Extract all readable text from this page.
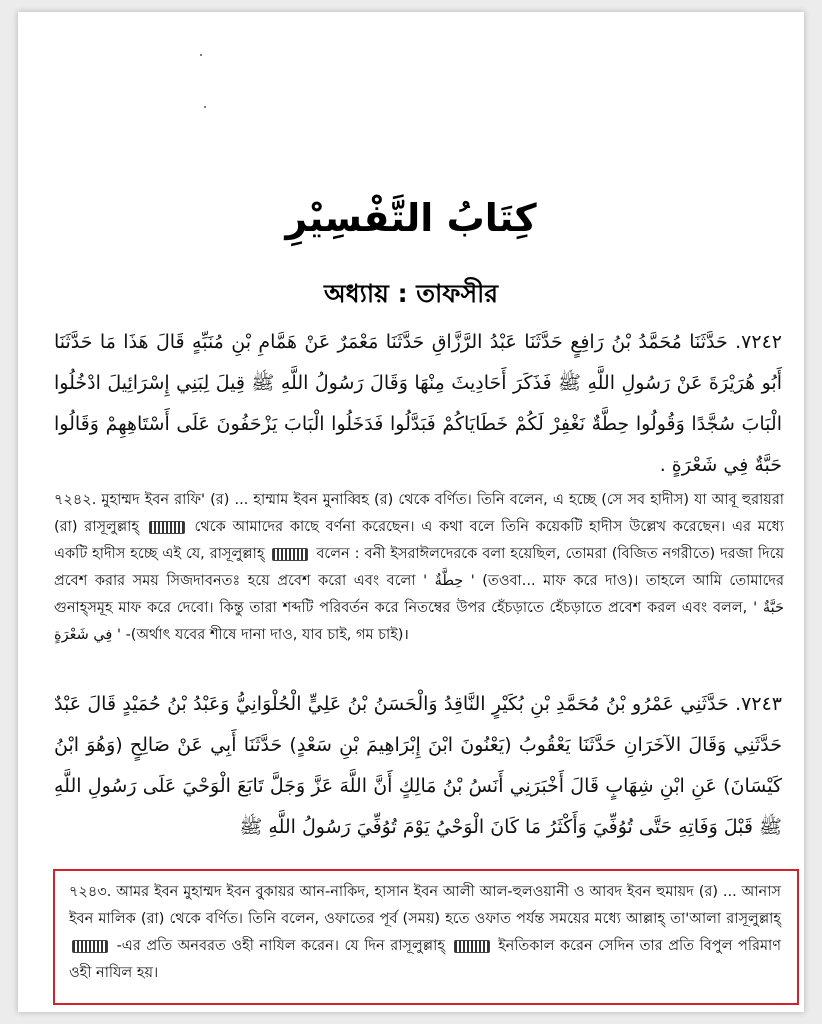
كِتَابُ التَّفْسِيْرِ
অধ্যায় : তাফসীর
٧٢٤٢. حَدَّثَنَا مُحَمَّدُ بْنُ رَافِعٍ حَدَّثَنَا عَبْدُ الرَّزَّاقِ حَدَّثَنَا مَعْمَرٌ عَنْ هَمَّامِ بْنِ مُنَبِّهٍ قَالَ هَذَا مَا حَدَّثَنَا أَبُو هُرَيْرَةَ عَنْ رَسُولِ اللَّهِ ﷺ فَذَكَرَ أَحَادِيثَ مِنْهَا وَقَالَ رَسُولُ اللَّهِ ﷺ قِيلَ لِبَنِي إِسْرَائِيلَ ادْخُلُوا الْبَابَ سُجَّدًا وَقُولُوا حِطَّةٌ نَغْفِرْ لَكُمْ خَطَايَاكُمْ فَبَدَّلُوا فَدَخَلُوا الْبَابَ يَزْحَفُونَ عَلَى أَسْتَاهِهِمْ وَقَالُوا حَبَّةٌ فِي شَعْرَةٍ .
৭২৪২. মুহাম্মদ ইবন রাফি' (র) ... হাম্মাম ইবন মুনাব্বিহ (র) থেকে বর্ণিত। তিনি বলেন, এ হচ্ছে (সে সব হাদীস) যা আবূ হুরায়রা (রা) রাসূলুল্লাহ্	থেকে আমাদের কাছে বর্ণনা করেছেন। এ কথা বলে তিনি কয়েকটি হাদীস উল্লেখ করেছেন। এর মধ্যে একটি হাদীস হচ্ছে এই যে, রাসূলুল্লাহ্	বলেন : বনী ইসরাঈলদেরকে বলা হয়েছিল, তোমরা (বিজিত নগরীতে) দরজা দিয়ে প্রবেশ করার সময় সিজদাবনতঃ হয়ে প্রবেশ করো এবং বলো ' حِطَّةٌ ' (তওবা... মাফ করে দাও)। তাহলে আমি তোমাদের গুনাহ্সমূহ মাফ করে দেবো। কিন্তু তারা শব্দটি পরিবর্তন করে নিতম্বের উপর হেঁচড়াতে হেঁচড়াতে প্রবেশ করল এবং বলল, ' حَبَّةٌ فِي شَعْرَةٍ ' -(অর্থাৎ যবের শীষে দানা দাও, যাব চাই, গম চাই)।
٧٢٤٣. حَدَّثَنِي عَمْرُو بْنُ مُحَمَّدِ بْنِ بُكَيْرٍ النَّاقِدُ وَالْحَسَنُ بْنُ عَلِيٍّ الْحُلْوَانِيُّ وَعَبْدُ بْنُ حُمَيْدٍ قَالَ عَبْدٌ حَدَّثَنِي وَقَالَ الآخَرَانِ حَدَّثَنَا يَعْقُوبُ (يَعْنُونَ ابْنَ إِبْرَاهِيمَ بْنِ سَعْدٍ) حَدَّثَنَا أَبِي عَنْ صَالِحٍ (وَهُوَ ابْنُ كَيْسَانَ) عَنِ ابْنِ شِهَابٍ قَالَ أَخْبَرَنِي أَنَسُ بْنُ مَالِكٍ أَنَّ اللَّهَ عَزَّ وَجَلَّ تَابَعَ الْوَحْيَ عَلَى رَسُولِ اللَّهِ ﷺ قَبْلَ وَفَاتِهِ حَتَّى تُوُفِّيَ وَأَكْثَرُ مَا كَانَ الْوَحْيُ يَوْمَ تُوُفِّيَ رَسُولُ اللَّهِ ﷺ
৭২৪৩. আমর ইবন মুহাম্মদ ইবন বুকায়র আন-নাকিদ, হাসান ইবন আলী আল-হুলওয়ানী ও আবদ ইবন হুমায়দ (র) ... আনাস ইবন মালিক (রা) থেকে বর্ণিত। তিনি বলেন, ওফাতের পূর্ব (সময়) হতে ওফাত পর্যন্ত সময়ের মধ্যে আল্লাহ্ তা'আলা রাসূলুল্লাহ্  -এর প্রতি অনবরত ওহী নাযিল করেন। যে দিন রাসূলুল্লাহ্	ইনতিকাল করেন সেদিন তার প্রতি বিপুল পরিমাণ ওহী নাযিল হয়।
